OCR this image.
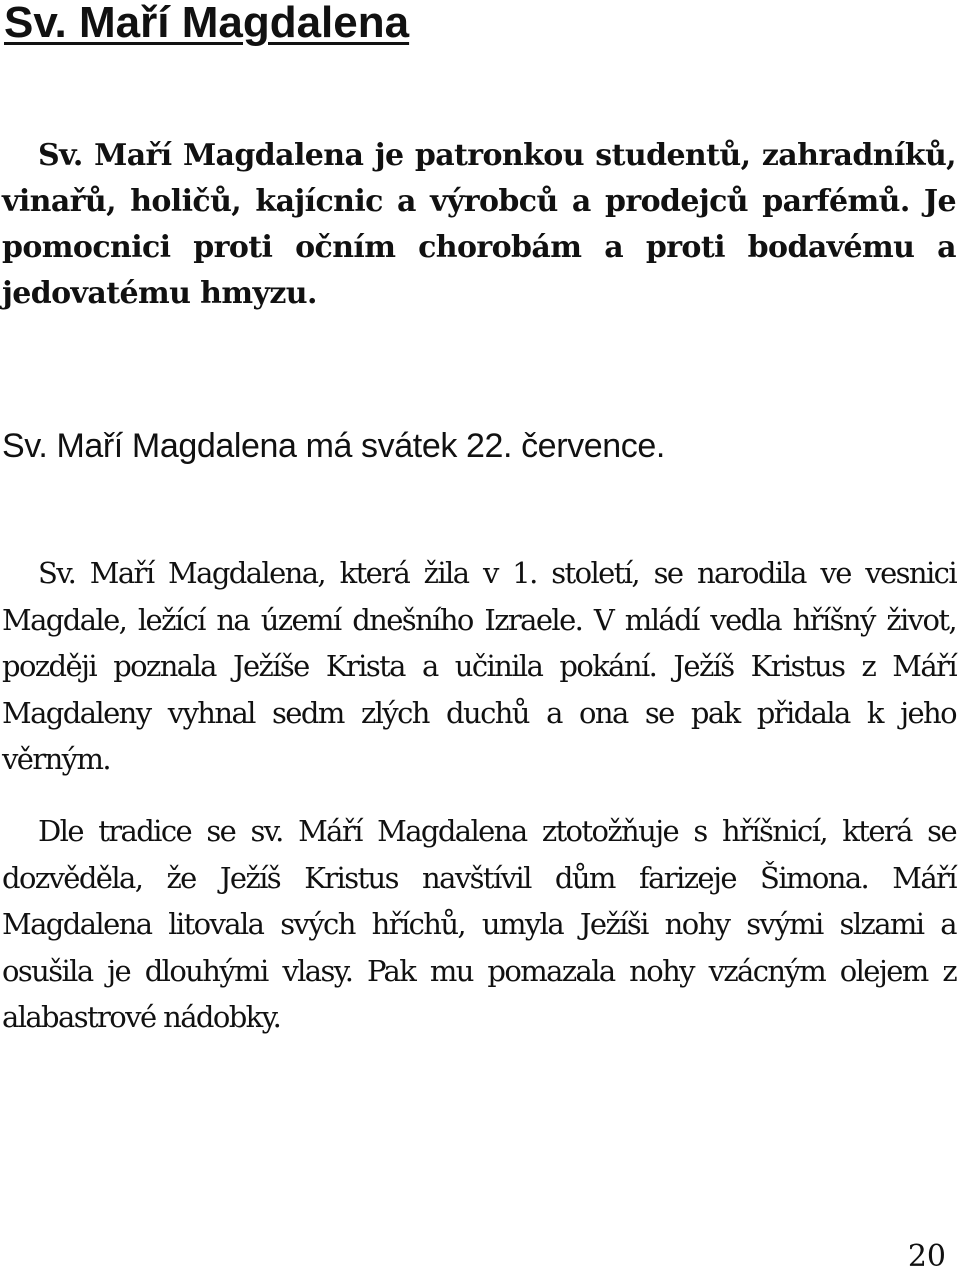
Sv. Maří Magdalena

Sv. Maří Magdalena je patronkou studentů, zahradníků, vinařů, holičů, kajícnic a výrobců a prodejců parfémů. Je pomocnici proti očním chorobám a proti bodavému a jedovatému hmyzu.

Sv. Maří Magdalena má svátek 22. července.

Sv. Maří Magdalena, která žila v 1. století, se narodila ve vesnici Magdale, ležící na území dnešního Izraele. V mládí vedla hříšný život, později poznala Ježíše Krista a učinila pokání. Ježíš Kristus z Máří Magdaleny vyhnal sedm zlých duchů a ona se pak přidala k jeho věrným.

Dle tradice se sv. Máří Magdalena ztotožňuje s hříšnicí, která se dozvěděla, že Ježíš Kristus navštívil dům farizeje Šimona. Máří Magdalena litovala svých hříchů, umyla Ježíši nohy svými slzami a osušila je dlouhými vlasy. Pak mu pomazala nohy vzácným olejem z alabastrové nádobky.

20
